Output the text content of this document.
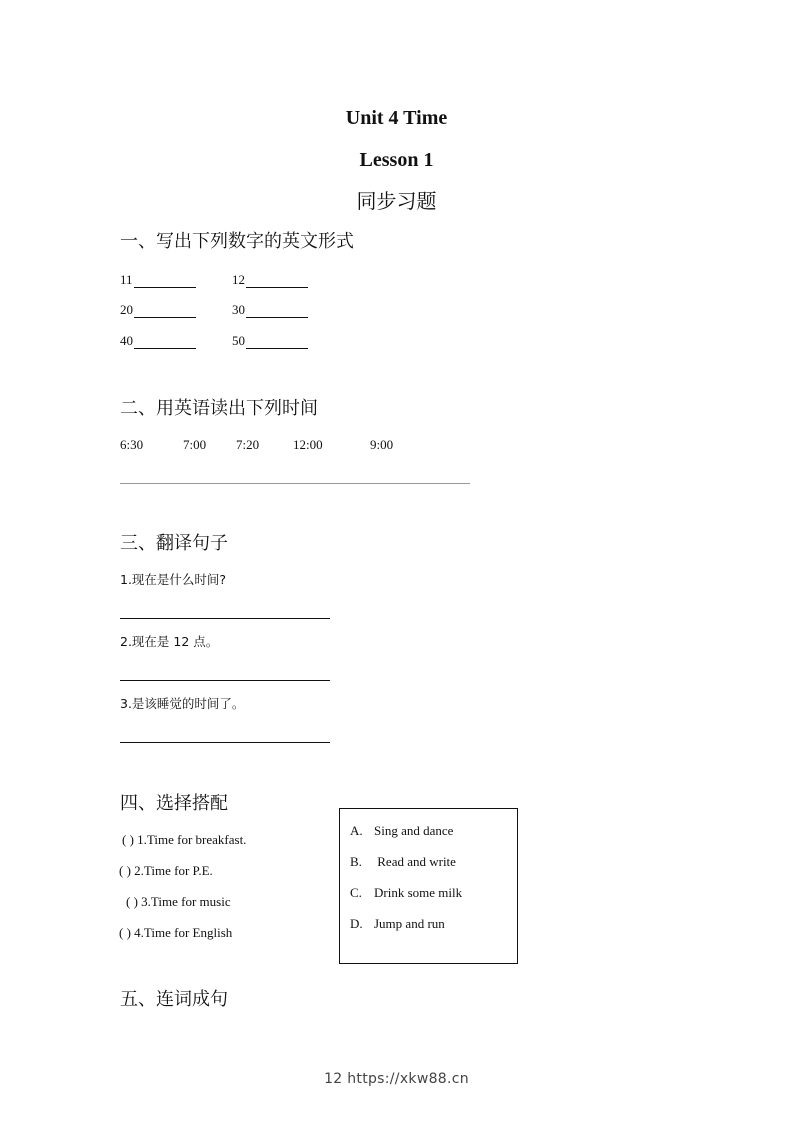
Unit 4 Time
Lesson 1
同步习题
一、写出下列数字的英文形式
11	12
20	30
40	50
二、用英语读出下列时间
6:30	7:00 7:20	12:00	9:00
三、翻译句子
1.现在是什么时间?
2.现在是 12 点。
3.是该睡觉的时间了。
四、选择搭配
( ) 1.Time for breakfast.
( ) 2.Time for P.E.
( ) 3.Time for music
( ) 4.Time for English
A. Sing and dance
B. Read and write
C. Drink some milk
D. Jump and run
五、连词成句
12 https://xkw88.cn
